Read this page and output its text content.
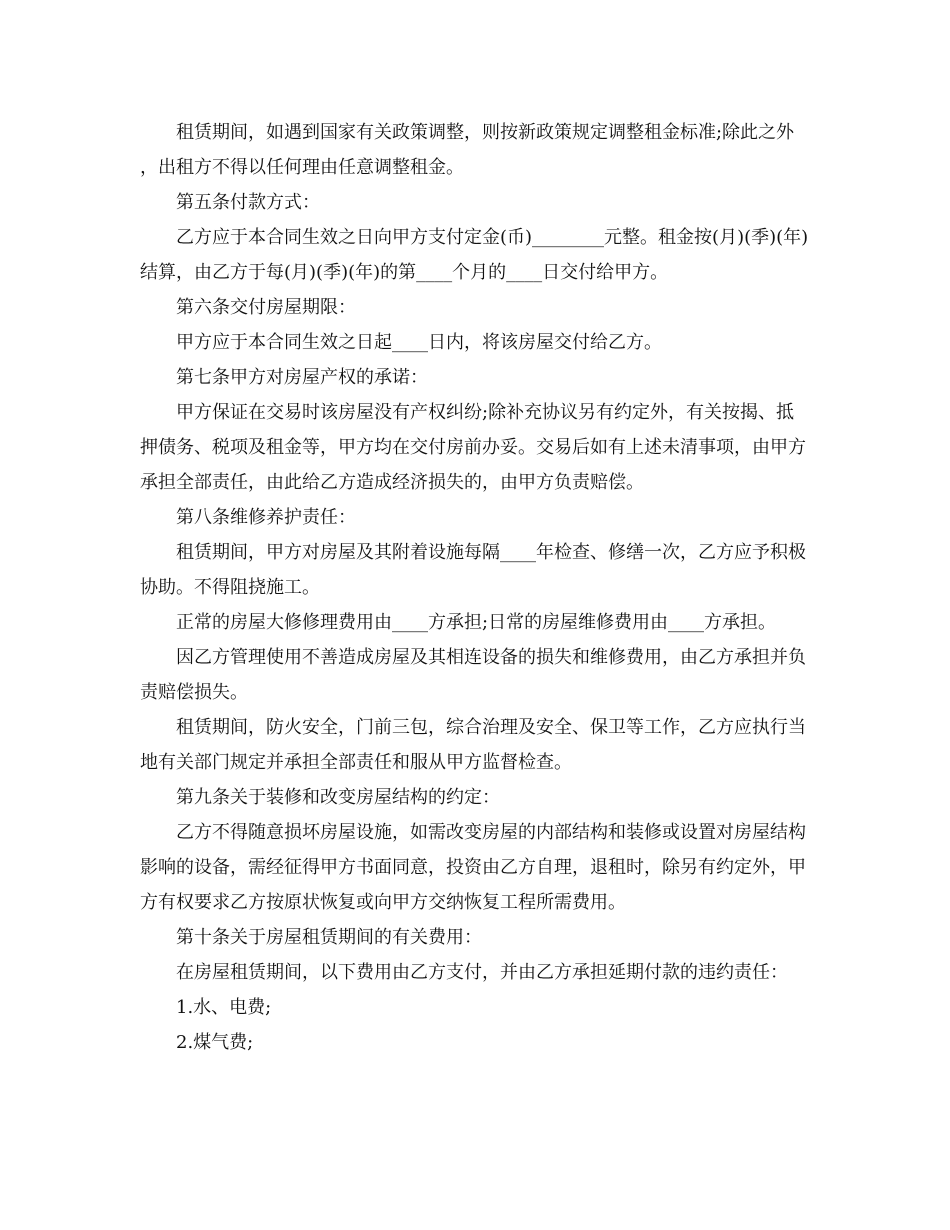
租赁期间，如遇到国家有关政策调整，则按新政策规定调整租金标准;除此之外，出租方不得以任何理由任意调整租金。

第五条付款方式：

乙方应于本合同生效之日向甲方支付定金(币)________元整。租金按(月)(季)(年)结算，由乙方于每(月)(季)(年)的第____个月的____日交付给甲方。

第六条交付房屋期限：

甲方应于本合同生效之日起____日内，将该房屋交付给乙方。

第七条甲方对房屋产权的承诺：

甲方保证在交易时该房屋没有产权纠纷;除补充协议另有约定外，有关按揭、抵押债务、税项及租金等，甲方均在交付房前办妥。交易后如有上述未清事项，由甲方承担全部责任，由此给乙方造成经济损失的，由甲方负责赔偿。

第八条维修养护责任：

租赁期间，甲方对房屋及其附着设施每隔____年检查、修缮一次，乙方应予积极协助。不得阻挠施工。

正常的房屋大修修理费用由____方承担;日常的房屋维修费用由____方承担。

因乙方管理使用不善造成房屋及其相连设备的损失和维修费用，由乙方承担并负责赔偿损失。

租赁期间，防火安全，门前三包，综合治理及安全、保卫等工作，乙方应执行当地有关部门规定并承担全部责任和服从甲方监督检查。

第九条关于装修和改变房屋结构的约定：

乙方不得随意损坏房屋设施，如需改变房屋的内部结构和装修或设置对房屋结构影响的设备，需经征得甲方书面同意，投资由乙方自理，退租时，除另有约定外，甲方有权要求乙方按原状恢复或向甲方交纳恢复工程所需费用。

第十条关于房屋租赁期间的有关费用：

在房屋租赁期间，以下费用由乙方支付，并由乙方承担延期付款的违约责任：

1.水、电费;

2.煤气费;
